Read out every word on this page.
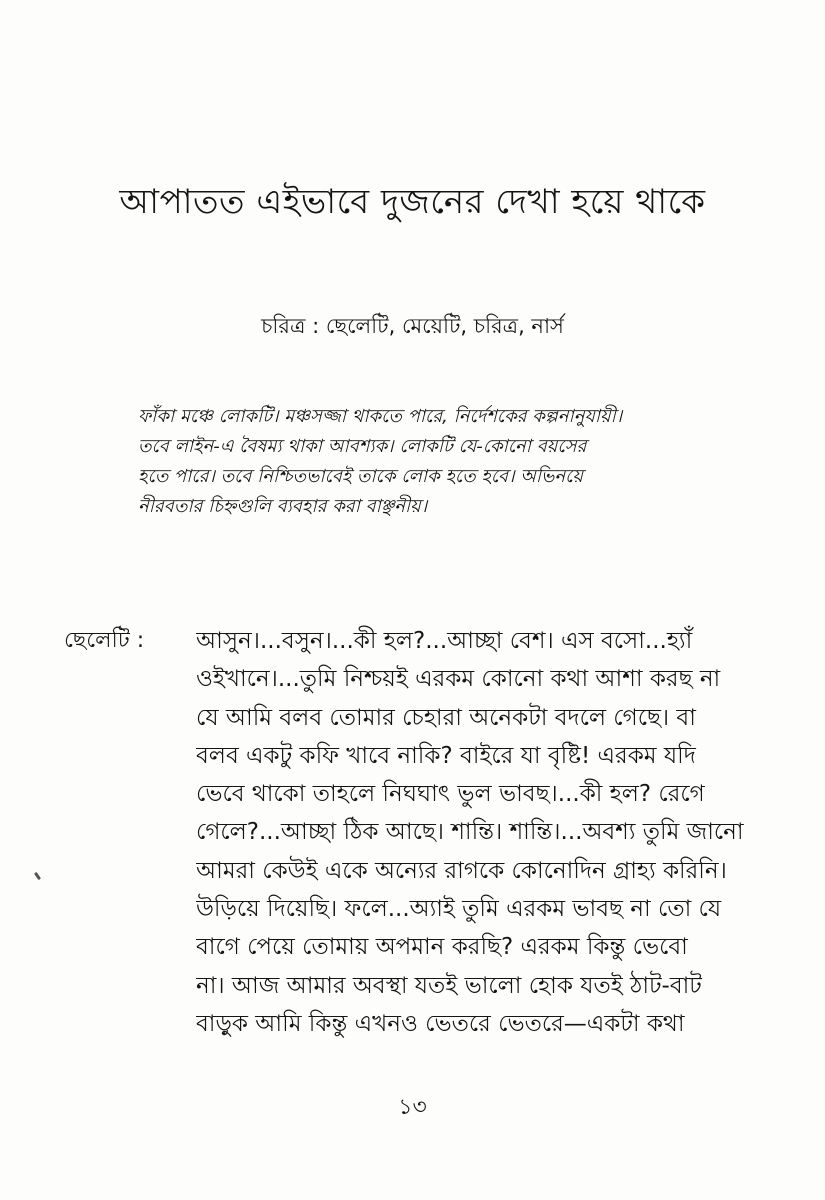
আপাতত এইভাবে দুজনের দেখা হয়ে থাকে
চরিত্র : ছেলেটি, মেয়েটি, চরিত্র, নার্স
ফাঁকা মঞ্চে লোকটি। মঞ্চসজ্জা থাকতে পারে, নির্দেশকের কল্পনানুযায়ী।
তবে লাইন-এ বৈষম্য থাকা আবশ্যক। লোকটি যে-কোনো বয়সের
হতে পারে। তবে নিশ্চিতভাবেই তাকে লোক হতে হবে। অভিনয়ে
নীরবতার চিহ্নগুলি ব্যবহার করা বাঞ্ছনীয়।
ছেলেটি : আসুন।...বসুন।...কী হল?...আচ্ছা বেশ। এস বসো...হ্যাঁ
ওইখানে।...তুমি নিশ্চয়ই এরকম কোনো কথা আশা করছ না
যে আমি বলব তোমার চেহারা অনেকটা বদলে গেছে। বা
বলব একটু কফি খাবে নাকি? বাইরে যা বৃষ্টি! এরকম যদি
ভেবে থাকো তাহলে নিঘঘাৎ ভুল ভাবছ।...কী হল? রেগে
গেলে?...আচ্ছা ঠিক আছে। শান্তি। শান্তি।...অবশ্য তুমি জানো
আমরা কেউই একে অন্যের রাগকে কোনোদিন গ্রাহ্য করিনি।
উড়িয়ে দিয়েছি। ফলে...অ্যাই তুমি এরকম ভাবছ না তো যে
বাগে পেয়ে তোমায় অপমান করছি? এরকম কিন্তু ভেবো
না। আজ আমার অবস্থা যতই ভালো হোক যতই ঠাট-বাট
বাড়ুক আমি কিন্তু এখনও ভেতরে ভেতরে—একটা কথা
১৩
